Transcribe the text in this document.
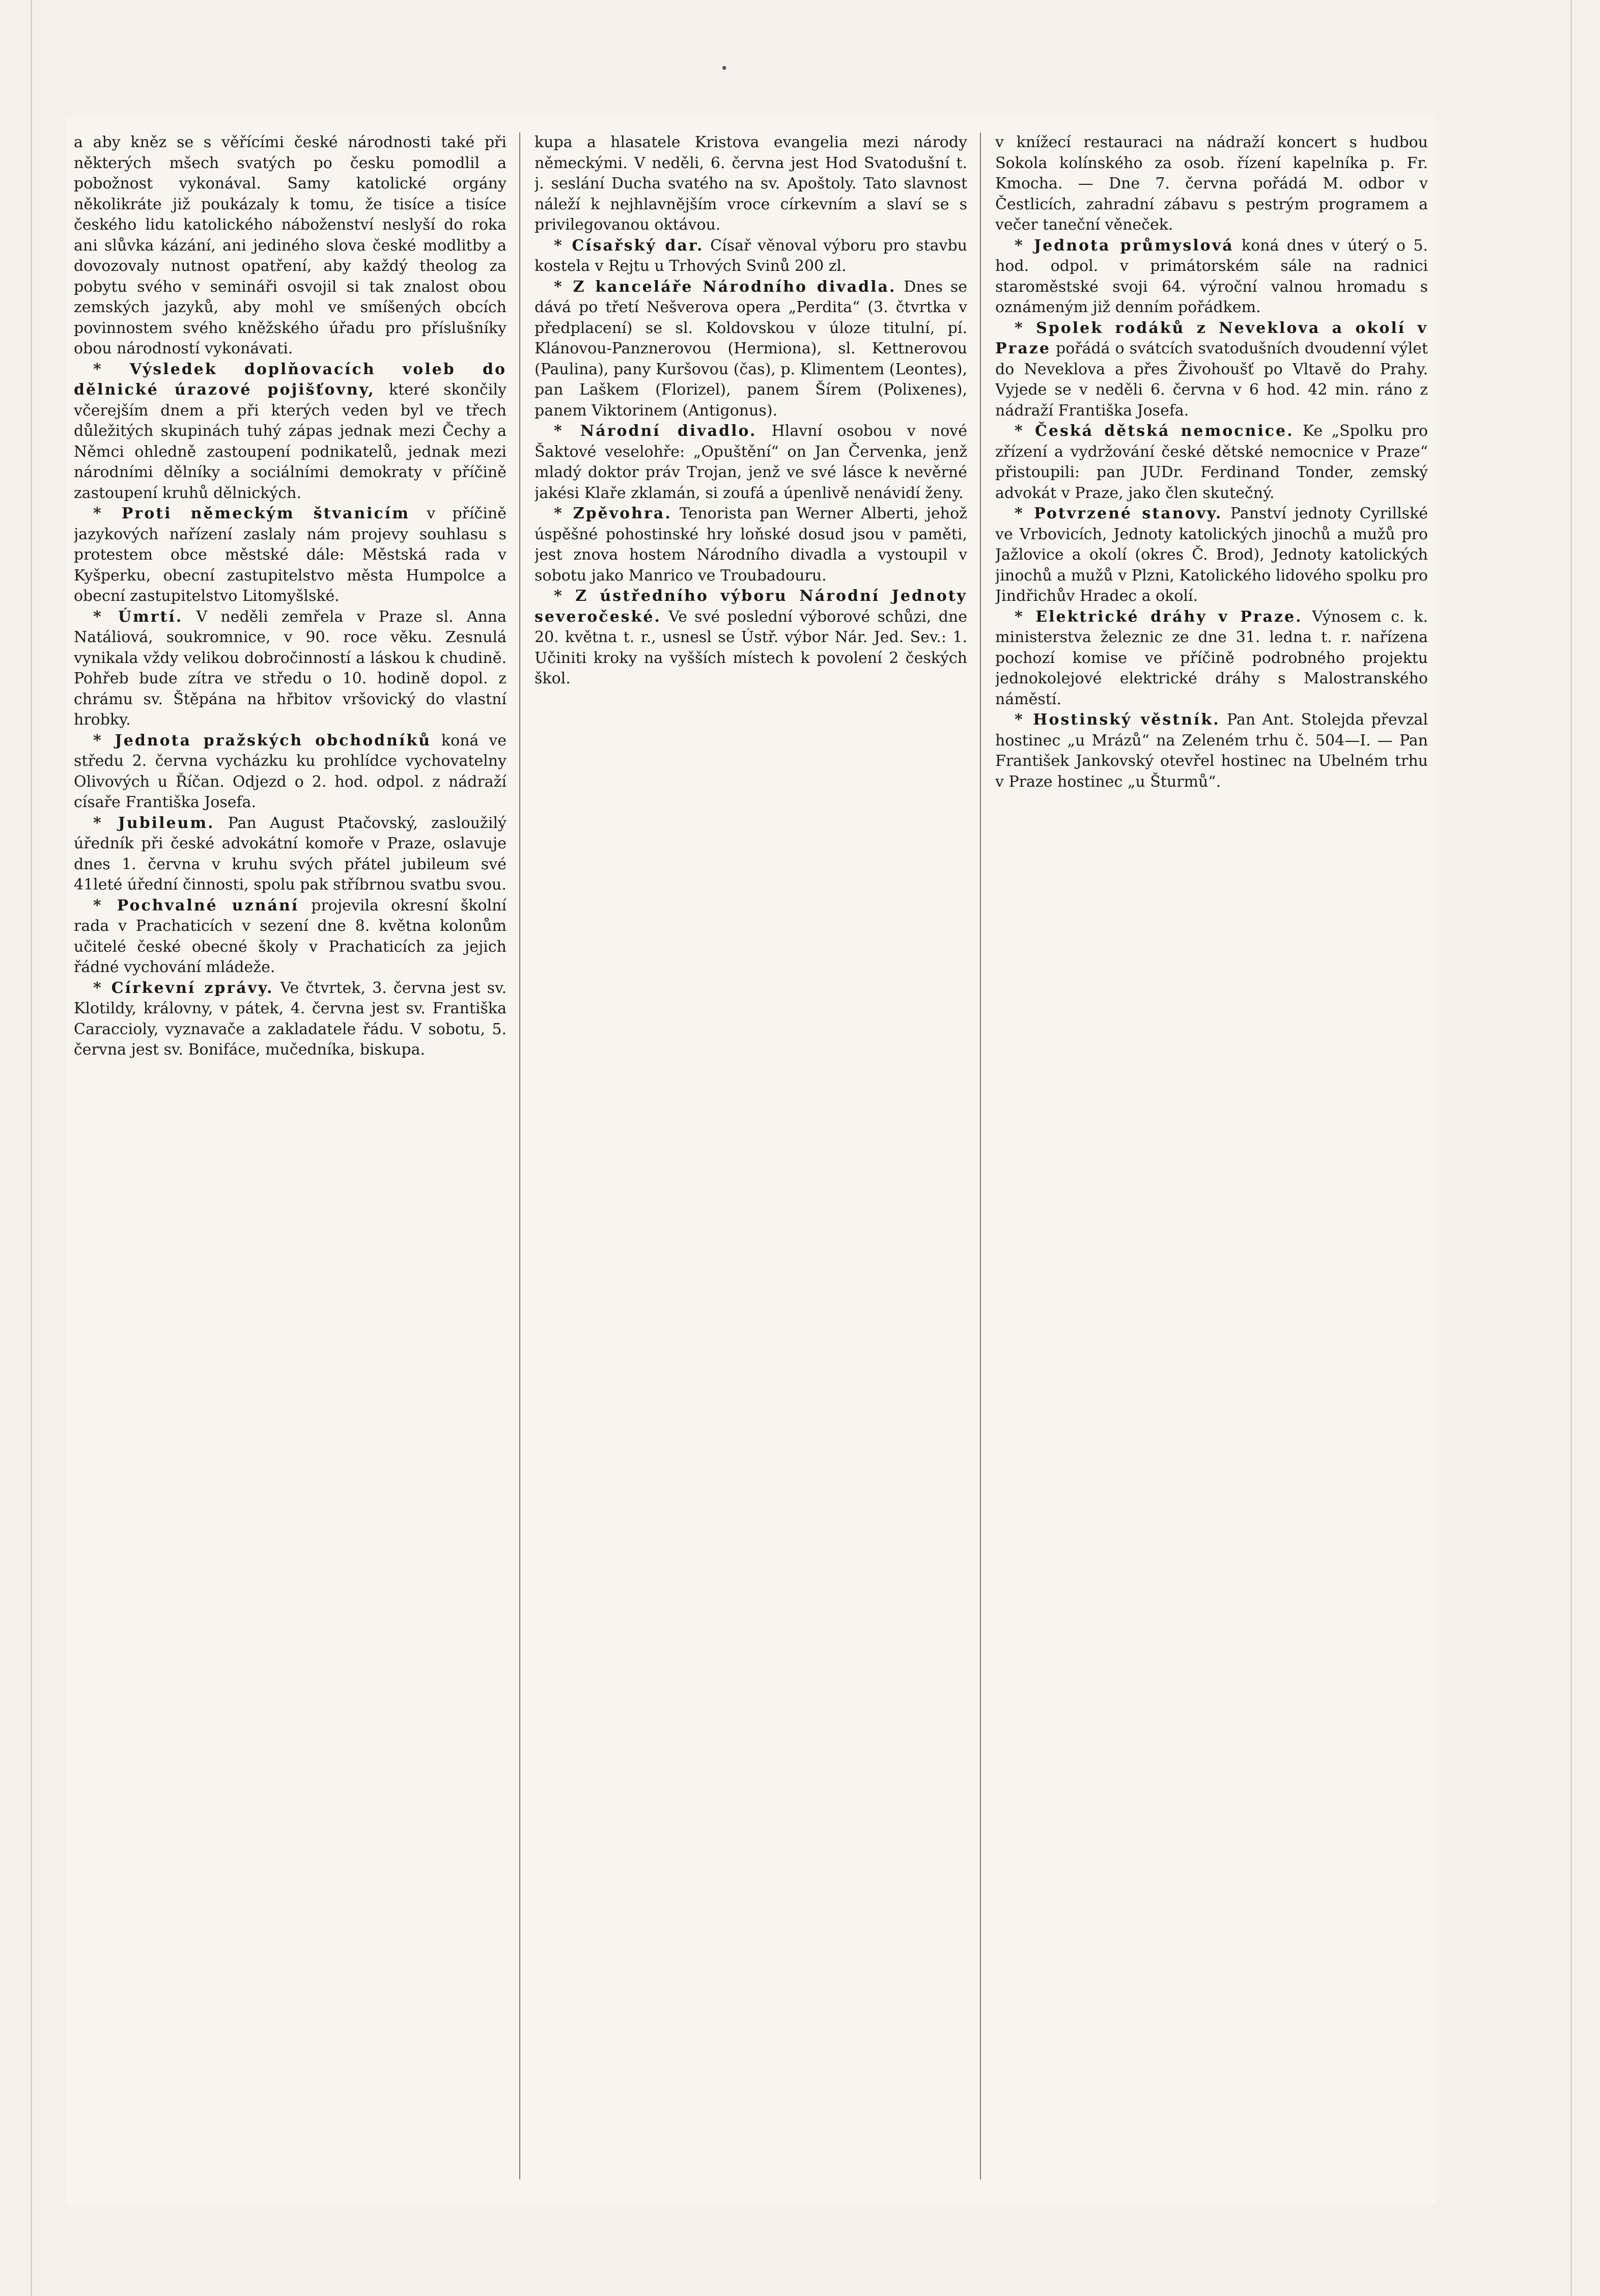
a aby kněz se s věřícími české národnosti také při některých mšech svatých po česku pomodlil a pobožnost vykonával. Samy katolické orgány několikráte již poukázaly k tomu, že tisíce a tisíce českého lidu katolického náboženství neslyší do roka ani slůvka kázání, ani jediného slova české modlitby a dovozovaly nutnost opatření, aby každý theolog za pobytu svého v semináři osvojil si tak znalost obou zemských jazyků, aby mohl ve smíšených obcích povinnostem svého kněžského úřadu pro příslušníky obou národností vykonávati.

* Výsledek doplňovacích voleb do dělnické úrazové pojišťovny, které skončily včerejším dnem a při kterých veden byl ve třech důležitých skupinách tuhý zápas jednak mezi Čechy a Němci ohledně zastoupení podnikatelů, jednak mezi národními dělníky a sociálními demokraty v příčině zastoupení kruhů dělnických.

* Proti německým štvanicím v příčině jazykových nařízení zaslaly nám projevy souhlasu s protestem obce městské dále: Městská rada v Kyšperku, obecní zastupitelstvo města Humpolce a obecní zastupitelstvo Litomyšlské.

* Úmrtí. V neděli zemřela v Praze sl. Anna Natáliová, soukromnice, v 90. roce věku. Zesnulá vynikala vždy velikou dobročinností a láskou k chudině. Pohřeb bude zítra ve středu o 10. hodině dopol. z chrámu sv. Štěpána na hřbitov vršovický do vlastní hrobky.

* Jednota pražských obchodníků koná ve středu 2. června vycházku ku prohlídce vychovatelny Olivových u Říčan. Odjezd o 2. hod. odpol. z nádraží císaře Františka Josefa.

* Jubileum. Pan August Ptačovský, zasloužilý úředník při české advokátní komoře v Praze, oslavuje dnes 1. června v kruhu svých přátel jubileum své 41leté úřední činnosti, spolu pak stříbrnou svatbu svou.

* Pochvalné uznání projevila okresní školní rada v Prachaticích v sezení dne 8. května kolonům učitelé české obecné školy v Prachaticích za jejich řádné vychování mládeže.

* Církevní zprávy. Ve čtvrtek, 3. června jest sv. Klotildy, královny, v pátek, 4. června jest sv. Františka Caraccioly, vyznavače a zakladatele řádu. V sobotu, 5. června jest sv. Bonifáce, mučedníka, biskupa.

kupa a hlasatele Kristova evangelia mezi národy německými. V neděli, 6. června jest Hod Svatodušní t. j. seslání Ducha svatého na sv. Apoštoly. Tato slavnost náleží k nejhlavnějším vroce církevním a slaví se s privilegovanou oktávou.

* Císařský dar. Císař věnoval výboru pro stavbu kostela v Rejtu u Trhových Svinů 200 zl.

* Z kanceláře Národního divadla. Dnes se dává po třetí Nešverova opera „Perdita“ (3. čtvrtka v předplacení) se sl. Koldovskou v úloze titulní, pí. Klánovou-Panznerovou (Hermiona), sl. Kettnerovou (Paulina), pany Kuršovou (čas), p. Klimentem (Leontes), pan Laškem (Florizel), panem Šírem (Polixenes), panem Viktorinem (Antigonus).

* Národní divadlo. Hlavní osobou v nové Šaktové veselohře: „Opuštění“ on Jan Červenka, jenž mladý doktor práv Trojan, jenž ve své lásce k nevěrné jakési Klaře zklamán, si zoufá a úpenlivě nenávidí ženy.

* Zpěvohra. Tenorista pan Werner Alberti, jehož úspěšné pohostinské hry loňské dosud jsou v paměti, jest znova hostem Národního divadla a vystoupil v sobotu jako Manrico ve Troubadouru.

* Z ústředního výboru Národní Jednoty severočeské. Ve své poslední výborové schůzi, dne 20. května t. r., usnesl se Ústř. výbor Nár. Jed. Sev.: 1. Učiniti kroky na vyšších místech k povolení 2 českých škol.

v knížecí restauraci na nádraží koncert s hudbou Sokola kolínského za osob. řízení kapelníka p. Fr. Kmocha. — Dne 7. června pořádá M. odbor v Čestlicích, zahradní zábavu s pestrým programem a večer taneční věneček.

* Jednota průmyslová koná dnes v úterý o 5. hod. odpol. v primátorském sále na radnici staroměstské svoji 64. výroční valnou hromadu s oznámeným již denním pořádkem.

* Spolek rodáků z Neveklova a okolí v Praze pořádá o svátcích svatodušních dvoudenní výlet do Neveklova a přes Živohoušť po Vltavě do Prahy. Vyjede se v neděli 6. června v 6 hod. 42 min. ráno z nádraží Františka Josefa.

* Česká dětská nemocnice. Ke „Spolku pro zřízení a vydržování české dětské nemocnice v Praze“ přistoupili: pan JUDr. Ferdinand Tonder, zemský advokát v Praze, jako člen skutečný.

* Potvrzené stanovy. Panství jednoty Cyrillské ve Vrbovicích, Jednoty katolických jinochů a mužů pro Jažlovice a okolí (okres Č. Brod), Jednoty katolických jinochů a mužů v Plzni, Katolického lidového spolku pro Jindřichův Hradec a okolí.

* Elektrické dráhy v Praze. Výnosem c. k. ministerstva železnic ze dne 31. ledna t. r. nařízena pochozí komise ve příčině podrobného projektu jednokolejové elektrické dráhy s Malostranského náměstí.

* Hostinský věstník. Pan Ant. Stolejda převzal hostinec „u Mrázů“ na Zeleném trhu č. 504—I. — Pan František Jankovský otevřel hostinec na Ubelném trhu v Praze hostinec „u Šturmů“.

•
